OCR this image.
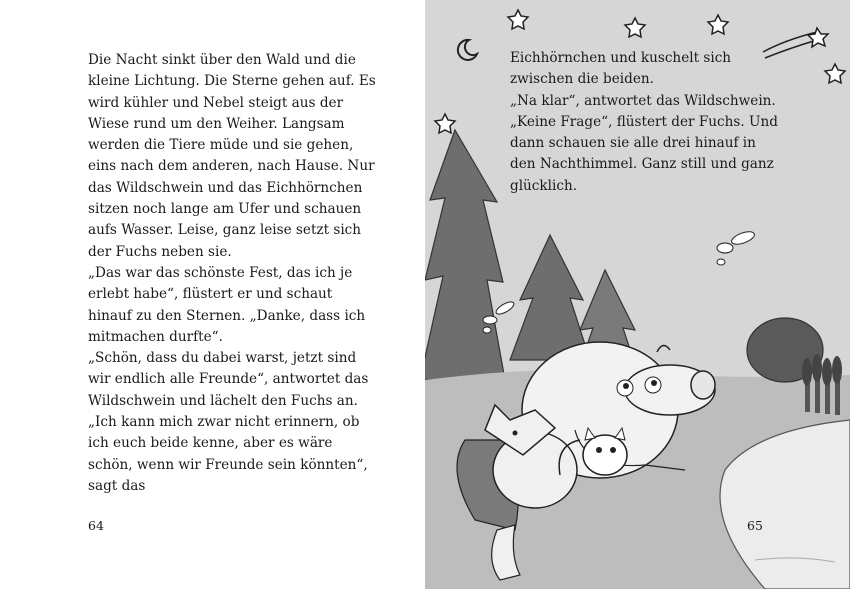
Die Nacht sinkt über den Wald und die kleine Lichtung. Die Sterne gehen auf. Es wird kühler und Nebel steigt aus der Wiese rund um den Weiher. Langsam werden die Tiere müde und sie gehen, eins nach dem anderen, nach Hause. Nur das Wildschwein und das Eichhörnchen sitzen noch lange am Ufer und schauen aufs Wasser. Leise, ganz leise setzt sich der Fuchs neben sie.

„Das war das schönste Fest, das ich je erlebt habe“, flüstert er und schaut hinauf zu den Sternen. „Danke, dass ich mitmachen durfte“.

„Schön, dass du dabei warst, jetzt sind wir endlich alle Freunde“, antwortet das Wildschwein und lächelt den Fuchs an.

„Ich kann mich zwar nicht erinnern, ob ich euch beide kenne, aber es wäre schön, wenn wir Freunde sein könnten“, sagt das

64

Eichhörnchen und kuschelt sich zwischen die beiden.

„Na klar“, antwortet das Wildschwein.

„Keine Frage“, flüstert der Fuchs. Und dann schauen sie alle drei hinauf in den Nachthimmel. Ganz still und ganz glücklich.

65
